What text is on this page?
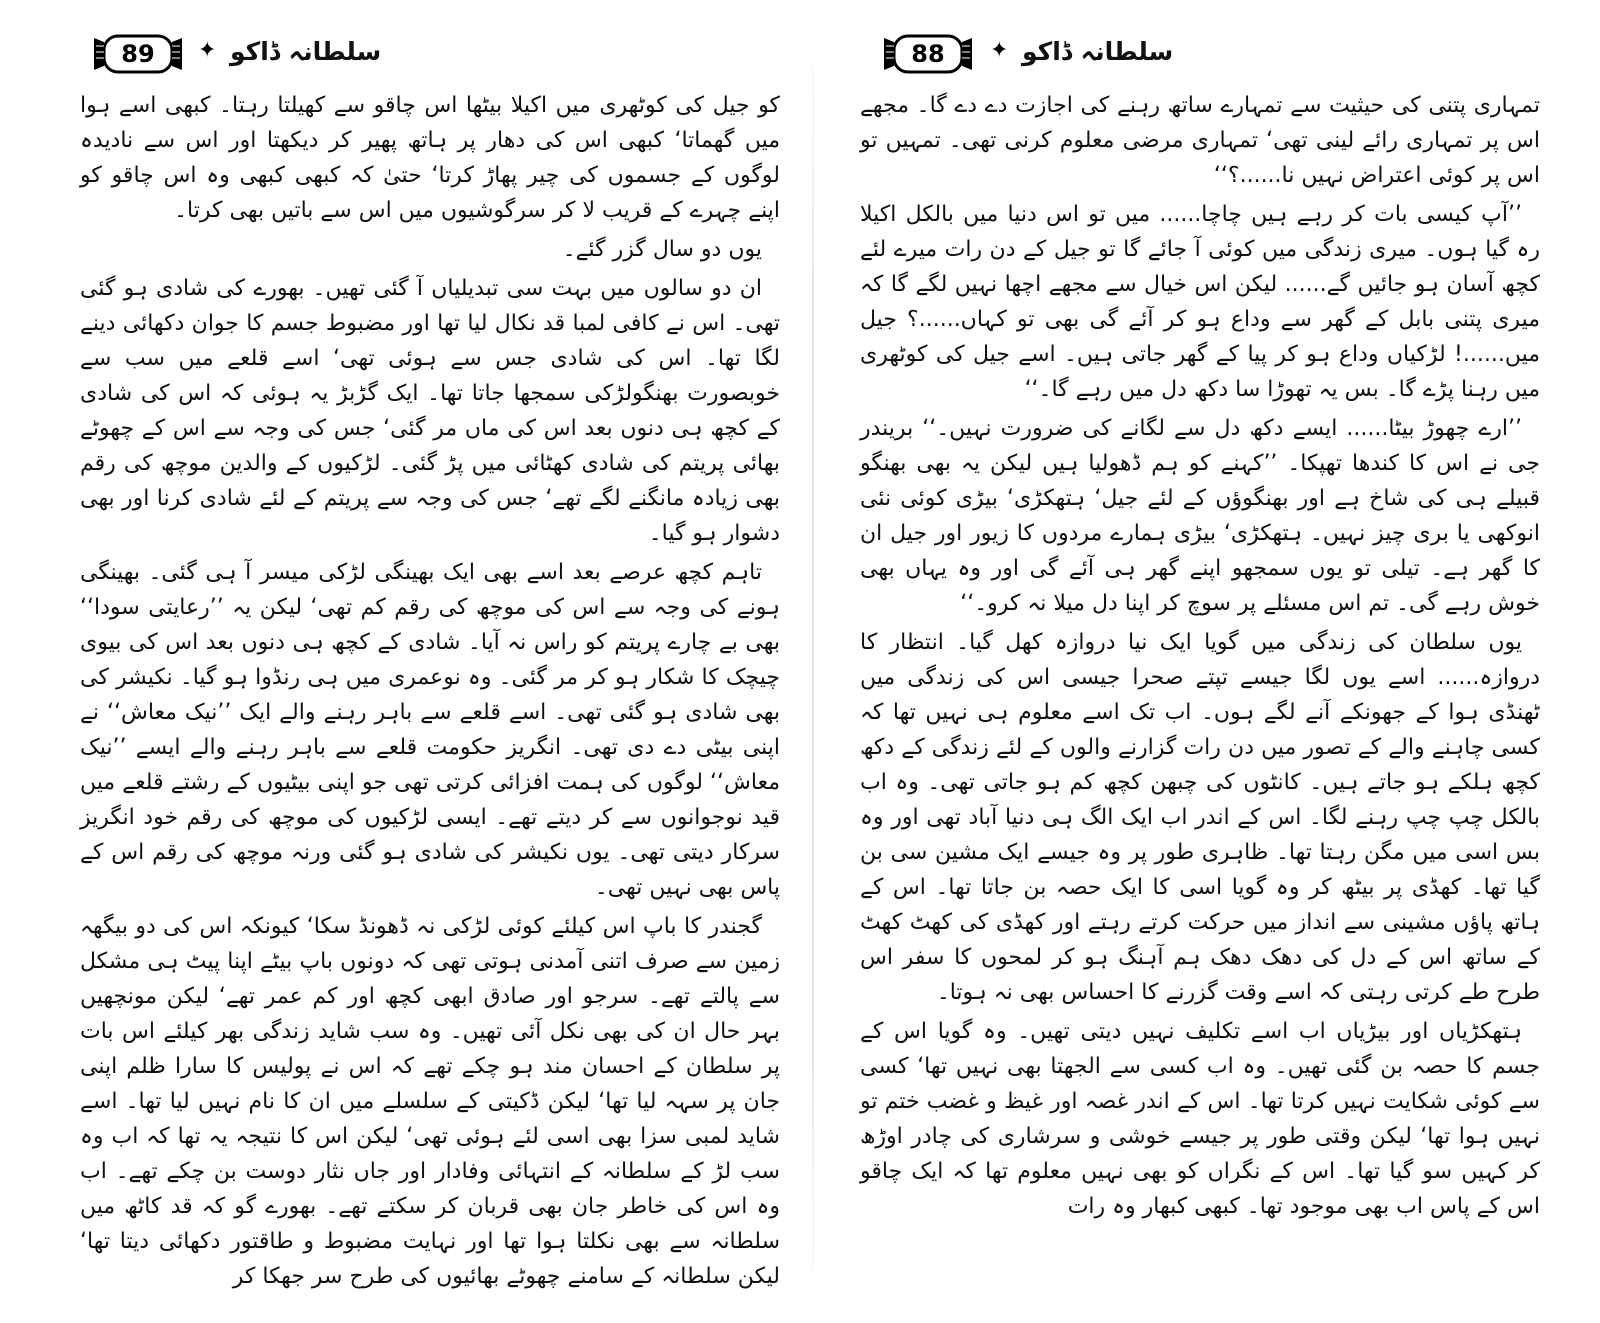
89	✦ سلطانہ ڈاکو

کو جیل کی کوٹھری میں اکیلا بیٹھا اس چاقو سے کھیلتا رہتا۔ کبھی اسے ہوا میں گھماتا‘ کبھی اس کی دھار پر ہاتھ پھیر کر دیکھتا اور اس سے نادیدہ لوگوں کے جسموں کی چیر پھاڑ کرتا‘ حتیٰ کہ کبھی کبھی وہ اس چاقو کو اپنے چہرے کے قریب لا کر سرگوشیوں میں اس سے باتیں بھی کرتا۔

یوں دو سال گزر گئے۔

ان دو سالوں میں بہت سی تبدیلیاں آ گئی تھیں۔ بھورے کی شادی ہو گئی تھی۔ اس نے کافی لمبا قد نکال لیا تھا اور مضبوط جسم کا جوان دکھائی دینے لگا تھا۔ اس کی شادی جس سے ہوئی تھی‘ اسے قلعے میں سب سے خوبصورت بھنگولڑکی سمجھا جاتا تھا۔ ایک گڑبڑ یہ ہوئی کہ اس کی شادی کے کچھ ہی دنوں بعد اس کی ماں مر گئی‘ جس کی وجہ سے اس کے چھوٹے بھائی پریتم کی شادی کھٹائی میں پڑ گئی۔ لڑکیوں کے والدین موچھ کی رقم بھی زیادہ مانگنے لگے تھے‘ جس کی وجہ سے پریتم کے لئے شادی کرنا اور بھی دشوار ہو گیا۔

تاہم کچھ عرصے بعد اسے بھی ایک بھینگی لڑکی میسر آ ہی گئی۔ بھینگی ہونے کی وجہ سے اس کی موچھ کی رقم کم تھی‘ لیکن یہ ’’رعایتی سودا‘‘ بھی بے چارے پریتم کو راس نہ آیا۔ شادی کے کچھ ہی دنوں بعد اس کی بیوی چیچک کا شکار ہو کر مر گئی۔ وہ نوعمری میں ہی رنڈوا ہو گیا۔ نکیشر کی بھی شادی ہو گئی تھی۔ اسے قلعے سے باہر رہنے والے ایک ’’نیک معاش‘‘ نے اپنی بیٹی دے دی تھی۔ انگریز حکومت قلعے سے باہر رہنے والے ایسے ’’نیک معاش‘‘ لوگوں کی ہمت افزائی کرتی تھی جو اپنی بیٹیوں کے رشتے قلعے میں قید نوجوانوں سے کر دیتے تھے۔ ایسی لڑکیوں کی موچھ کی رقم خود انگریز سرکار دیتی تھی۔ یوں نکیشر کی شادی ہو گئی ورنہ موچھ کی رقم اس کے پاس بھی نہیں تھی۔

گجندر کا باپ اس کیلئے کوئی لڑکی نہ ڈھونڈ سکا‘ کیونکہ اس کی دو بیگھہ زمین سے صرف اتنی آمدنی ہوتی تھی کہ دونوں باپ بیٹے اپنا پیٹ ہی مشکل سے پالتے تھے۔ سرجو اور صادق ابھی کچھ اور کم عمر تھے‘ لیکن مونچھیں بہر حال ان کی بھی نکل آئی تھیں۔ وہ سب شاید زندگی بھر کیلئے اس بات پر سلطان کے احسان مند ہو چکے تھے کہ اس نے پولیس کا سارا ظلم اپنی جان پر سہہ لیا تھا‘ لیکن ڈکیتی کے سلسلے میں ان کا نام نہیں لیا تھا۔ اسے شاید لمبی سزا بھی اسی لئے ہوئی تھی‘ لیکن اس کا نتیجہ یہ تھا کہ اب وہ سب لڑ کے سلطانہ کے انتہائی وفادار اور جاں نثار دوست بن چکے تھے۔ اب وہ اس کی خاطر جان بھی قربان کر سکتے تھے۔ بھورے گو کہ قد کاٹھ میں سلطانہ سے بھی نکلتا ہوا تھا اور نہایت مضبوط و طاقتور دکھائی دیتا تھا‘ لیکن سلطانہ کے سامنے چھوٹے بھائیوں کی طرح سر جھکا کر

88	✦ سلطانہ ڈاکو

تمہاری پتنی کی حیثیت سے تمہارے ساتھ رہنے کی اجازت دے دے گا۔ مجھے اس پر تمہاری رائے لینی تھی‘ تمہاری مرضی معلوم کرنی تھی۔ تمہیں تو اس پر کوئی اعتراض نہیں نا......؟‘‘

’’آپ کیسی بات کر رہے ہیں چاچا...... میں تو اس دنیا میں بالکل اکیلا رہ گیا ہوں۔ میری زندگی میں کوئی آ جائے گا تو جیل کے دن رات میرے لئے کچھ آسان ہو جائیں گے...... لیکن اس خیال سے مجھے اچھا نہیں لگے گا کہ میری پتنی بابل کے گھر سے وداع ہو کر آئے گی بھی تو کہاں......؟ جیل میں......! لڑکیاں وداع ہو کر پیا کے گھر جاتی ہیں۔ اسے جیل کی کوٹھری میں رہنا پڑے گا۔ بس یہ تھوڑا سا دکھ دل میں رہے گا۔‘‘

’’ارے چھوڑ بیٹا...... ایسے دکھ دل سے لگانے کی ضرورت نہیں۔‘‘ بریندر جی نے اس کا کندھا تھپکا۔ ’’کہنے کو ہم ڈھولیا ہیں لیکن یہ بھی بھنگو قبیلے ہی کی شاخ ہے اور بھنگوؤں کے لئے جیل‘ ہتھکڑی‘ بیڑی کوئی نئی انوکھی یا بری چیز نہیں۔ ہتھکڑی‘ بیڑی ہمارے مردوں کا زیور اور جیل ان کا گھر ہے۔ تیلی تو یوں سمجھو اپنے گھر ہی آئے گی اور وہ یہاں بھی خوش رہے گی۔ تم اس مسئلے پر سوچ کر اپنا دل میلا نہ کرو۔‘‘

یوں سلطان کی زندگی میں گویا ایک نیا دروازہ کھل گیا۔ انتظار کا دروازہ...... اسے یوں لگا جیسے تپتے صحرا جیسی اس کی زندگی میں ٹھنڈی ہوا کے جھونکے آنے لگے ہوں۔ اب تک اسے معلوم ہی نہیں تھا کہ کسی چاہنے والے کے تصور میں دن رات گزارنے والوں کے لئے زندگی کے دکھ کچھ ہلکے ہو جاتے ہیں۔ کانٹوں کی چبھن کچھ کم ہو جاتی تھی۔ وہ اب بالکل چپ چپ رہنے لگا۔ اس کے اندر اب ایک الگ ہی دنیا آباد تھی اور وہ بس اسی میں مگن رہتا تھا۔ ظاہری طور پر وہ جیسے ایک مشین سی بن گیا تھا۔ کھڈی پر بیٹھ کر وہ گویا اسی کا ایک حصہ بن جاتا تھا۔ اس کے ہاتھ پاؤں مشینی سے انداز میں حرکت کرتے رہتے اور کھڈی کی کھٹ کھٹ کے ساتھ اس کے دل کی دھک دھک ہم آہنگ ہو کر لمحوں کا سفر اس طرح طے کرتی رہتی کہ اسے وقت گزرنے کا احساس بھی نہ ہوتا۔

ہتھکڑیاں اور بیڑیاں اب اسے تکلیف نہیں دیتی تھیں۔ وہ گویا اس کے جسم کا حصہ بن گئی تھیں۔ وہ اب کسی سے الجھتا بھی نہیں تھا‘ کسی سے کوئی شکایت نہیں کرتا تھا۔ اس کے اندر غصہ اور غیظ و غضب ختم تو نہیں ہوا تھا‘ لیکن وقتی طور پر جیسے خوشی و سرشاری کی چادر اوڑھ کر کہیں سو گیا تھا۔ اس کے نگراں کو بھی نہیں معلوم تھا کہ ایک چاقو اس کے پاس اب بھی موجود تھا۔ کبھی کبھار وہ رات
